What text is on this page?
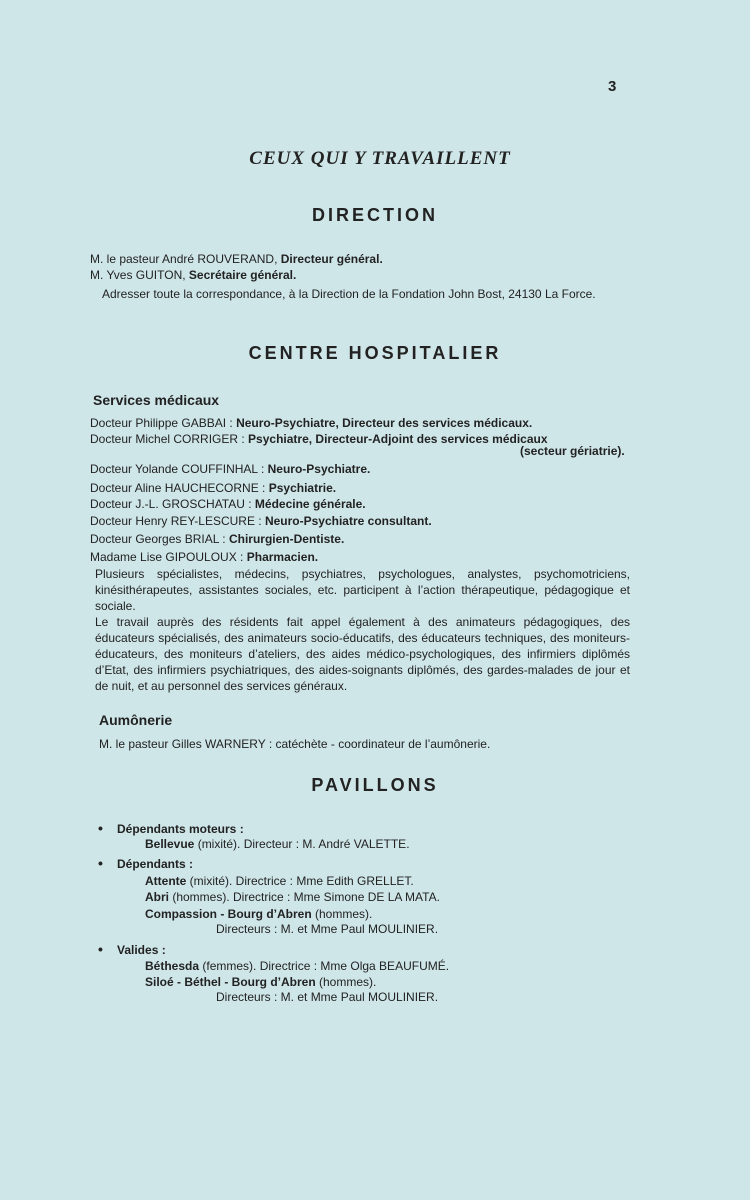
3
CEUX QUI Y TRAVAILLENT
DIRECTION
M. le pasteur André ROUVERAND, Directeur général.
M. Yves GUITON, Secrétaire général.
Adresser toute la correspondance, à la Direction de la Fondation John Bost, 24130 La Force.
CENTRE HOSPITALIER
Services médicaux
Docteur Philippe GABBAI : Neuro-Psychiatre, Directeur des services médicaux.
Docteur Michel CORRIGER : Psychiatre, Directeur-Adjoint des services médicaux
(secteur gériatrie).
Docteur Yolande COUFFINHAL : Neuro-Psychiatre.
Docteur Aline HAUCHECORNE : Psychiatrie.
Docteur J.-L. GROSCHATAU : Médecine générale.
Docteur Henry REY-LESCURE : Neuro-Psychiatre consultant.
Docteur Georges BRIAL : Chirurgien-Dentiste.
Madame Lise GIPOULOUX : Pharmacien.
Plusieurs spécialistes, médecins, psychiatres, psychologues, analystes, psychomotriciens, kinésithérapeutes, assistantes sociales, etc. participent à l’action thérapeutique, pédagogique et sociale.
Le travail auprès des résidents fait appel également à des animateurs pédagogiques, des éducateurs spécialisés, des animateurs socio-éducatifs, des éducateurs techniques, des moniteurs-éducateurs, des moniteurs d’ateliers, des aides médico-psychologiques, des infirmiers diplômés d’Etat, des infirmiers psychiatriques, des aides-soignants diplômés, des gardes-malades de jour et de nuit, et au personnel des services généraux.
Aumônerie
M. le pasteur Gilles WARNERY : catéchète - coordinateur de l’aumônerie.
PAVILLONS
• Dépendants moteurs :
Bellevue (mixité). Directeur : M. André VALETTE.
• Dépendants :
Attente (mixité). Directrice : Mme Edith GRELLET.
Abri (hommes). Directrice : Mme Simone DE LA MATA.
Compassion - Bourg d’Abren (hommes).
Directeurs : M. et Mme Paul MOULINIER.
• Valides :
Béthesda (femmes). Directrice : Mme Olga BEAUFUMÉ.
Siloé - Béthel - Bourg d’Abren (hommes).
Directeurs : M. et Mme Paul MOULINIER.
